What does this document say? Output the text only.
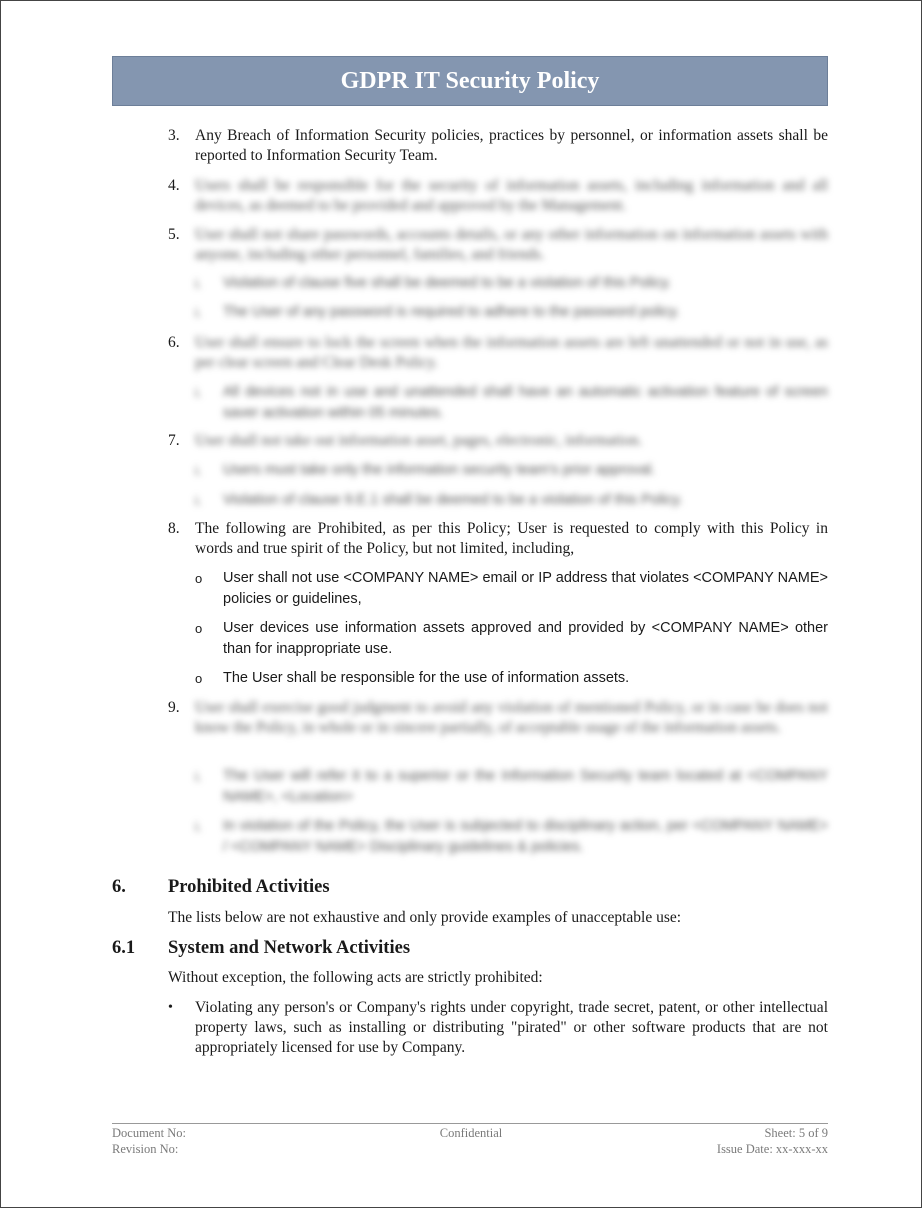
GDPR IT Security Policy
3. Any Breach of Information Security policies, practices by personnel, or information assets shall be reported to Information Security Team.
4. Users shall be responsible for the security of information assets, including information and all devices, as deemed to be provided and approved by the Management.
5. User shall not share passwords, accounts details, or any other information on information assets with anyone, including other personnel, families, and friends.
i. Violation of clause five shall be deemed to be a violation of this Policy.
i. The User of any password is required to adhere to the password policy.
6. User shall ensure to lock the screen when the information assets are left unattended or not in use, as per clear screen and Clear Desk Policy.
i. All devices not in use and unattended shall have an automatic activation feature of screen saver activation within 05 minutes.
7. User shall not take out information asset, pages, electronic, information.
i. Users must take only the information security team's prior approval.
i. Violation of clause 9.E.1 shall be deemed to be a violation of this Policy.
8. The following are Prohibited, as per this Policy; User is requested to comply with this Policy in words and true spirit of the Policy, but not limited, including,
o User shall not use <COMPANY NAME> email or IP address that violates <COMPANY NAME> policies or guidelines,
o User devices use information assets approved and provided by <COMPANY NAME> other than for inappropriate use.
o The User shall be responsible for the use of information assets.
9. User shall exercise good judgment to avoid any violation of mentioned Policy, or in case he does not know the Policy, in whole or in sincere partially, of acceptable usage of the information assets.
i. The User will refer it to a superior or the Information Security team located at <COMPANY NAME>, <Location>
i. In violation of the Policy, the User is subjected to disciplinary action, per <COMPANY NAME> / <COMPANY NAME> Disciplinary guidelines & policies.
6. Prohibited Activities
The lists below are not exhaustive and only provide examples of unacceptable use:
6.1 System and Network Activities
Without exception, the following acts are strictly prohibited:
• Violating any person's or Company's rights under copyright, trade secret, patent, or other intellectual property laws, such as installing or distributing "pirated" or other software products that are not appropriately licensed for use by Company.
Document No:
Revision No:
Confidential	Sheet: 5 of 9
Issue Date: xx-xxx-xx
